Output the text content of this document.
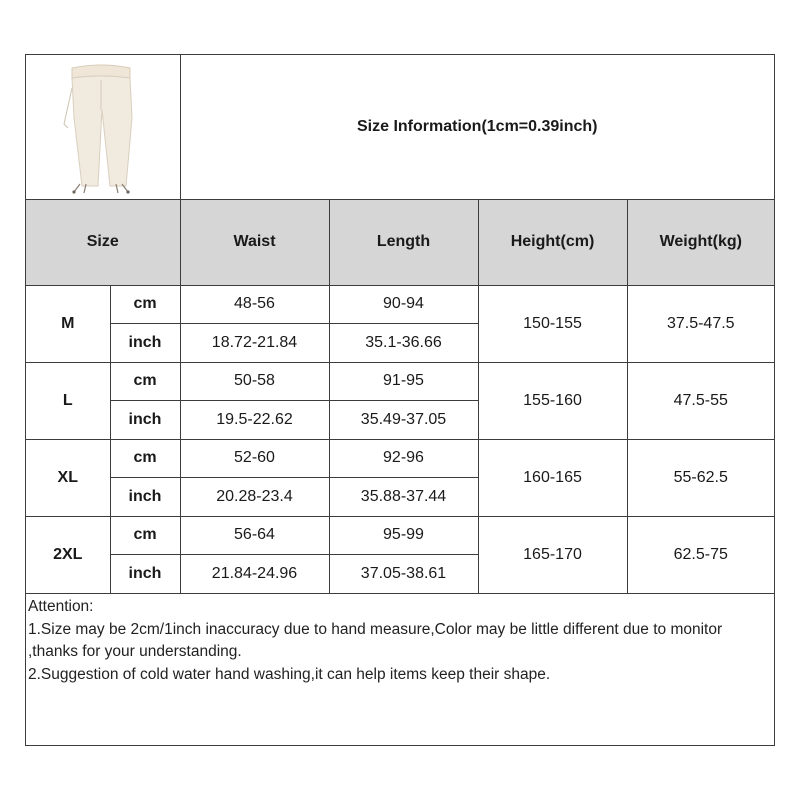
	Size Information(1cm=0.39inch)			
Size		Waist	Length	Height(cm)	Weight(kg)
M	cm	48-56	90-94	150-155	37.5-47.5
	inch	18.72-21.84	35.1-36.66		
L	cm	50-58	91-95	155-160	47.5-55
	inch	19.5-22.62	35.49-37.05		
XL	cm	52-60	92-96	160-165	55-62.5
	inch	20.28-23.4	35.88-37.44		
2XL	cm	56-64	95-99	165-170	62.5-75
	inch	21.84-24.96	37.05-38.61		
Attention:
1.Size may be 2cm/1inch inaccuracy due to hand measure,Color may be little different due to monitor ,thanks for your understanding.
2.Suggestion of cold water hand washing,it can help items keep their shape.
